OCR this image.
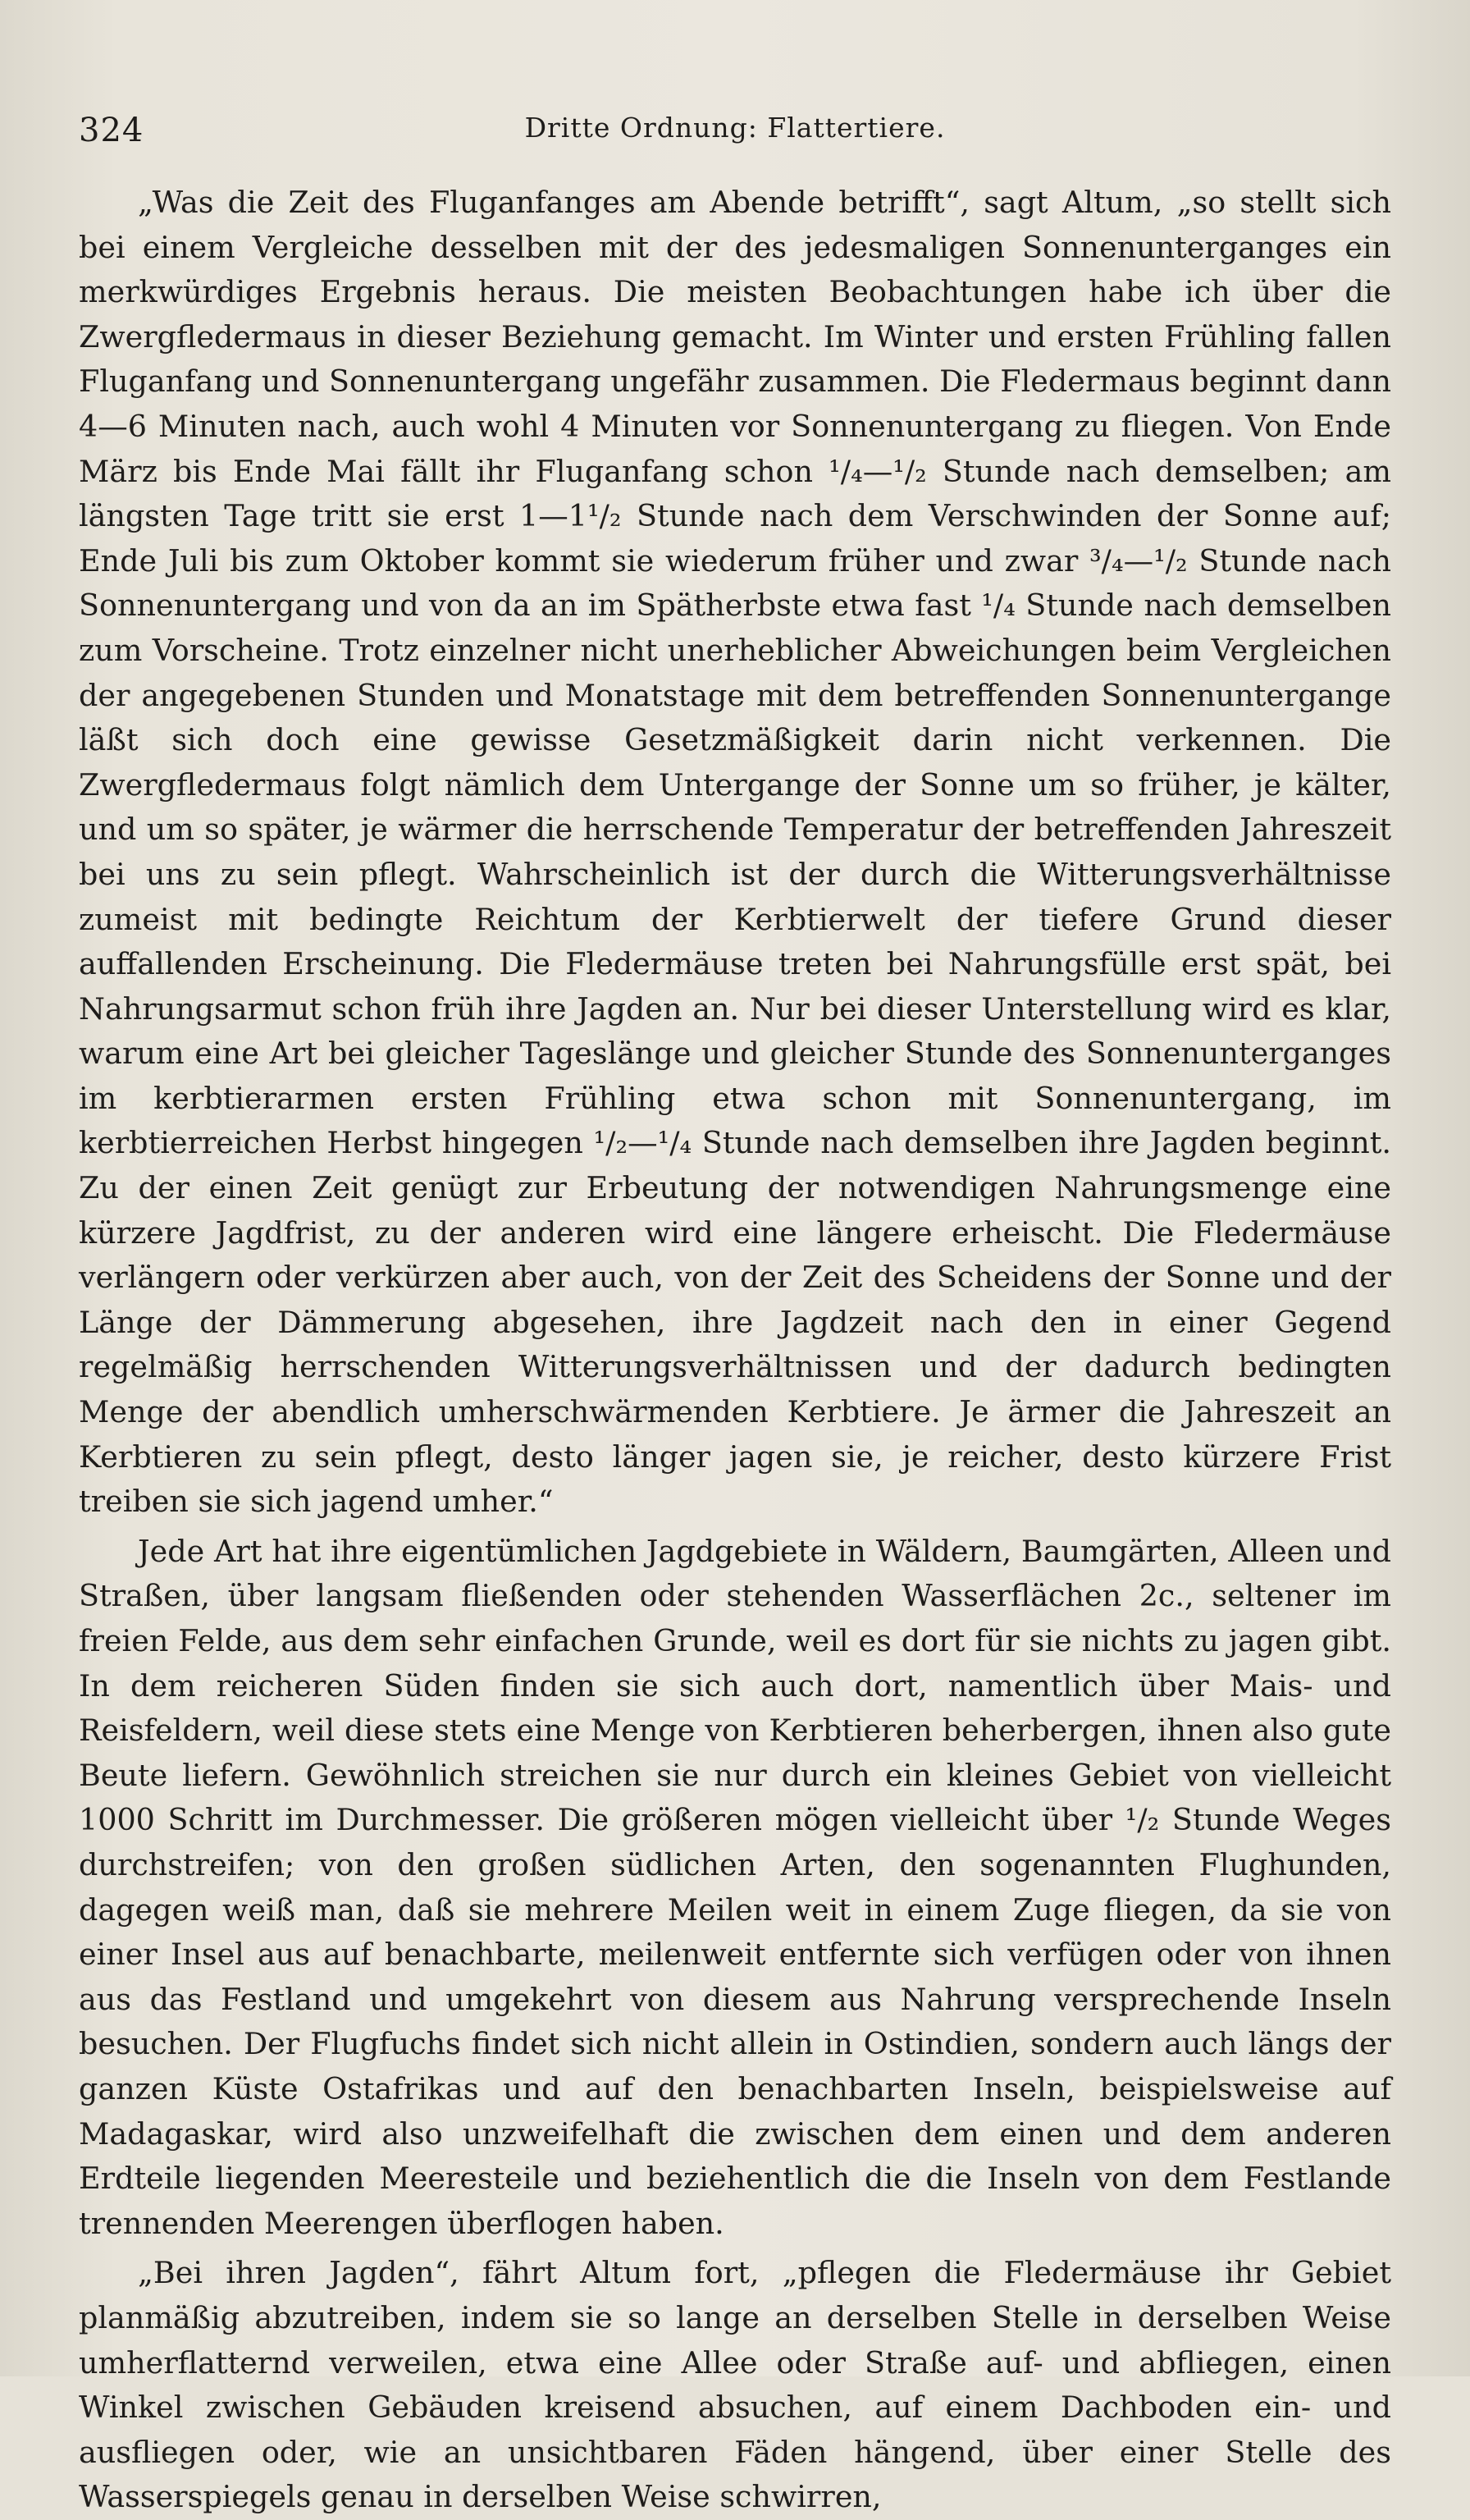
324	Dritte Ordnung: Flattertiere.

„Was die Zeit des Fluganfanges am Abende betrifft“, sagt Altum, „so stellt sich bei einem Vergleiche desselben mit der des jedesmaligen Sonnenunterganges ein merkwürdiges Ergebnis heraus. Die meisten Beobachtungen habe ich über die Zwergfledermaus in dieser Beziehung gemacht. Im Winter und ersten Frühling fallen Fluganfang und Sonnenuntergang ungefähr zusammen. Die Fledermaus beginnt dann 4—6 Minuten nach, auch wohl 4 Minuten vor Sonnenuntergang zu fliegen. Von Ende März bis Ende Mai fällt ihr Fluganfang schon ¹/₄—¹/₂ Stunde nach demselben; am längsten Tage tritt sie erst 1—1¹/₂ Stunde nach dem Verschwinden der Sonne auf; Ende Juli bis zum Oktober kommt sie wiederum früher und zwar ³/₄—¹/₂ Stunde nach Sonnenuntergang und von da an im Spätherbste etwa fast ¹/₄ Stunde nach demselben zum Vorscheine. Trotz einzelner nicht unerheblicher Abweichungen beim Vergleichen der angegebenen Stunden und Monatstage mit dem betreffenden Sonnenuntergange läßt sich doch eine gewisse Gesetzmäßigkeit darin nicht verkennen. Die Zwergfledermaus folgt nämlich dem Untergange der Sonne um so früher, je kälter, und um so später, je wärmer die herrschende Temperatur der betreffenden Jahreszeit bei uns zu sein pflegt. Wahrscheinlich ist der durch die Witterungsverhältnisse zumeist mit bedingte Reichtum der Kerbtierwelt der tiefere Grund dieser auffallenden Erscheinung. Die Fledermäuse treten bei Nahrungsfülle erst spät, bei Nahrungsarmut schon früh ihre Jagden an. Nur bei dieser Unterstellung wird es klar, warum eine Art bei gleicher Tageslänge und gleicher Stunde des Sonnenunterganges im kerbtierarmen ersten Frühling etwa schon mit Sonnenuntergang, im kerbtierreichen Herbst hingegen ¹/₂—¹/₄ Stunde nach demselben ihre Jagden beginnt. Zu der einen Zeit genügt zur Erbeutung der notwendigen Nahrungsmenge eine kürzere Jagdfrist, zu der anderen wird eine längere erheischt. Die Fledermäuse verlängern oder verkürzen aber auch, von der Zeit des Scheidens der Sonne und der Länge der Dämmerung abgesehen, ihre Jagdzeit nach den in einer Gegend regelmäßig herrschenden Witterungsverhältnissen und der dadurch bedingten Menge der abendlich umherschwärmenden Kerbtiere. Je ärmer die Jahreszeit an Kerbtieren zu sein pflegt, desto länger jagen sie, je reicher, desto kürzere Frist treiben sie sich jagend umher.“

Jede Art hat ihre eigentümlichen Jagdgebiete in Wäldern, Baumgärten, Alleen und Straßen, über langsam fließenden oder stehenden Wasserflächen 2c., seltener im freien Felde, aus dem sehr einfachen Grunde, weil es dort für sie nichts zu jagen gibt. In dem reicheren Süden finden sie sich auch dort, namentlich über Mais- und Reisfeldern, weil diese stets eine Menge von Kerbtieren beherbergen, ihnen also gute Beute liefern. Gewöhnlich streichen sie nur durch ein kleines Gebiet von vielleicht 1000 Schritt im Durchmesser. Die größeren mögen vielleicht über ¹/₂ Stunde Weges durchstreifen; von den großen südlichen Arten, den sogenannten Flughunden, dagegen weiß man, daß sie mehrere Meilen weit in einem Zuge fliegen, da sie von einer Insel aus auf benachbarte, meilenweit entfernte sich verfügen oder von ihnen aus das Festland und umgekehrt von diesem aus Nahrung versprechende Inseln besuchen. Der Flugfuchs findet sich nicht allein in Ostindien, sondern auch längs der ganzen Küste Ostafrikas und auf den benachbarten Inseln, beispielsweise auf Madagaskar, wird also unzweifelhaft die zwischen dem einen und dem anderen Erdteile liegenden Meeresteile und beziehentlich die die Inseln von dem Festlande trennenden Meerengen überflogen haben.

„Bei ihren Jagden“, fährt Altum fort, „pflegen die Fledermäuse ihr Gebiet planmäßig abzutreiben, indem sie so lange an derselben Stelle in derselben Weise umherflatternd verweilen, etwa eine Allee oder Straße auf- und abfliegen, einen Winkel zwischen Gebäuden kreisend absuchen, auf einem Dachboden ein- und ausfliegen oder, wie an unsichtbaren Fäden hängend, über einer Stelle des Wasserspiegels genau in derselben Weise schwirren,
